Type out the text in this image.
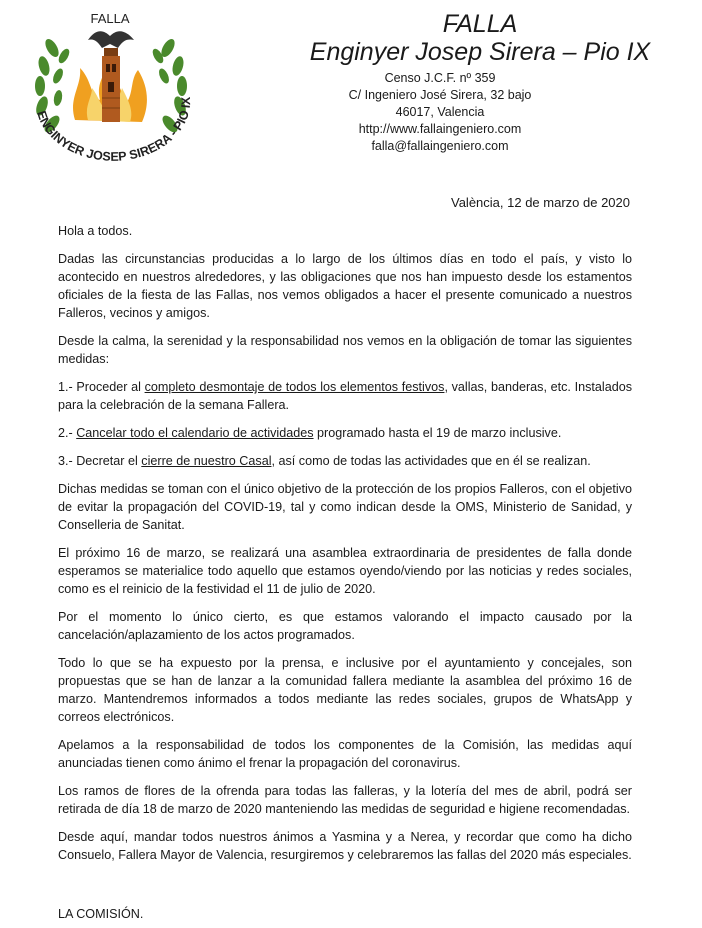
FALLA
ENGINYER JOSEP SIRERA - PIO IX

FALLA

Enginyer Josep Sirera – Pio IX

Censo J.C.F. nº 359
C/ Ingeniero José Sirera, 32 bajo
46017, Valencia
http://www.fallaingeniero.com
falla@fallaingeniero.com
València, 12 de marzo de 2020

Hola a todos.

Dadas las circunstancias producidas a lo largo de los últimos días en todo el país, y visto lo acontecido en nuestros alrededores, y las obligaciones que nos han impuesto desde los estamentos oficiales de la fiesta de las Fallas, nos vemos obligados a hacer el presente comunicado a nuestros Falleros, vecinos y amigos.

Desde la calma, la serenidad y la responsabilidad nos vemos en la obligación de tomar las siguientes medidas:

1.- Proceder al completo desmontaje de todos los elementos festivos, vallas, banderas, etc. Instalados para la celebración de la semana Fallera.

2.- Cancelar todo el calendario de actividades programado hasta el 19 de marzo inclusive.

3.- Decretar el cierre de nuestro Casal, así como de todas las actividades que en él se realizan.

Dichas medidas se toman con el único objetivo de la protección de los propios Falleros, con el objetivo de evitar la propagación del COVID-19, tal y como indican desde la OMS, Ministerio de Sanidad, y Conselleria de Sanitat.

El próximo 16 de marzo, se realizará una asamblea extraordinaria de presidentes de falla donde esperamos se materialice todo aquello que estamos oyendo/viendo por las noticias y redes sociales, como es el reinicio de la festividad el 11 de julio de 2020.

Por el momento lo único cierto, es que estamos valorando el impacto causado por la cancelación/aplazamiento de los actos programados.

Todo lo que se ha expuesto por la prensa, e inclusive por el ayuntamiento y concejales, son propuestas que se han de lanzar a la comunidad fallera mediante la asamblea del próximo 16 de marzo. Mantendremos informados a todos mediante las redes sociales, grupos de WhatsApp y correos electrónicos.

Apelamos a la responsabilidad de todos los componentes de la Comisión, las medidas aquí anunciadas tienen como ánimo el frenar la propagación del coronavirus.

Los ramos de flores de la ofrenda para todas las falleras, y la lotería del mes de abril, podrá ser retirada de día 18 de marzo de 2020 manteniendo las medidas de seguridad e higiene recomendadas.

Desde aquí, mandar todos nuestros ánimos a Yasmina y a Nerea, y recordar que como ha dicho Consuelo, Fallera Mayor de Valencia, resurgiremos y celebraremos las fallas del 2020 más especiales.

LA COMISIÓN.
